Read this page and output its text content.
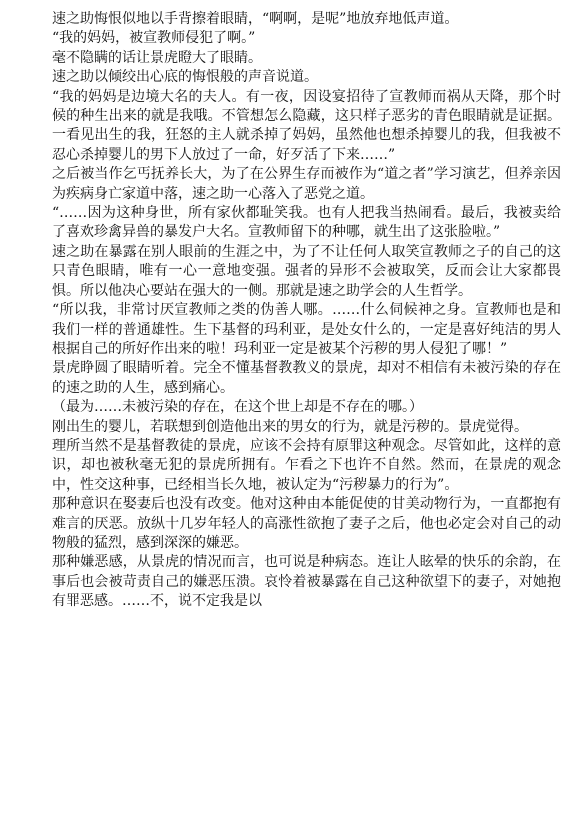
速之助悔恨似地以手背擦着眼睛，“啊啊，是呢”地放弃地低声道。

“我的妈妈，被宣教师侵犯了啊。”

毫不隐瞒的话让景虎瞪大了眼睛。

速之助以倾绞出心底的悔恨般的声音说道。

“我的妈妈是边境大名的夫人。有一夜，因设宴招待了宣教师而祸从天降，那个时候的种生出来的就是我哦。不管想怎么隐藏，这只样子恶劣的青色眼睛就是证据。一看见出生的我，狂怒的主人就杀掉了妈妈，虽然他也想杀掉婴儿的我，但我被不忍心杀掉婴儿的男下人放过了一命，好歹活了下来……”

之后被当作乞丐抚养长大，为了在公界生存而被作为“道之者”学习演艺，但养亲因为疾病身亡家道中落，速之助一心落入了恶党之道。

“……因为这种身世，所有家伙都耻笑我。也有人把我当热闹看。最后，我被卖给了喜欢珍禽异兽的暴发户大名。宣教师留下的种哪，就生出了这张脸啦。”

速之助在暴露在别人眼前的生涯之中，为了不让任何人取笑宣教师之子的自己的这只青色眼睛，唯有一心一意地变强。强者的异形不会被取笑，反而会让大家都畏惧。所以他决心要站在强大的一侧。那就是速之助学会的人生哲学。

“所以我，非常讨厌宣教师之类的伪善人哪。……什么伺候神之身。宣教师也是和我们一样的普通雄性。生下基督的玛利亚，是处女什么的，一定是喜好纯洁的男人根据自己的所好作出来的啦！玛利亚一定是被某个污秽的男人侵犯了哪！”

景虎睁圆了眼睛听着。完全不懂基督教教义的景虎，却对不相信有未被污染的存在的速之助的人生，感到痛心。

（最为……未被污染的存在，在这个世上却是不存在的哪。）

刚出生的婴儿，若联想到创造他出来的男女的行为，就是污秽的。景虎觉得。

理所当然不是基督教徒的景虎，应该不会持有原罪这种观念。尽管如此，这样的意识，却也被秋毫无犯的景虎所拥有。乍看之下也许不自然。然而，在景虎的观念中，性交这种事，已经相当长久地，被认定为“污秽暴力的行为”。

那种意识在娶妻后也没有改变。他对这种由本能促使的甘美动物行为，一直都抱有难言的厌恶。放纵十几岁年轻人的高涨性欲抱了妻子之后，他也必定会对自己的动物般的猛烈，感到深深的嫌恶。

那种嫌恶感，从景虎的情况而言，也可说是种病态。连让人眩晕的快乐的余韵，在事后也会被苛责自己的嫌恶压溃。哀怜着被暴露在自己这种欲望下的妻子，对她抱有罪恶感。……不，说不定我是以
